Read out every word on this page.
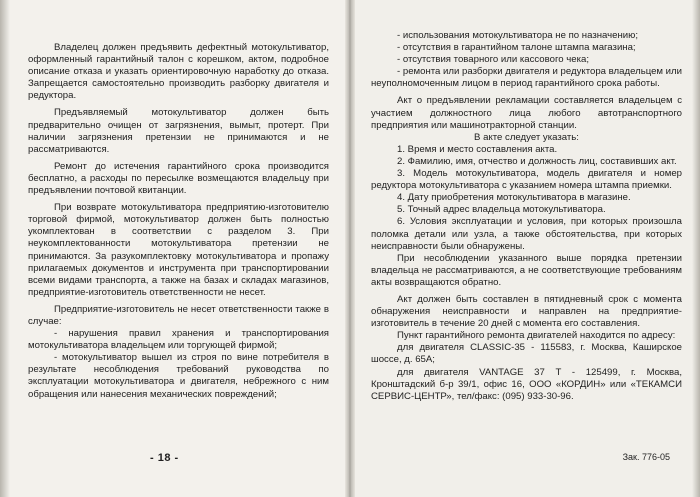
Владелец должен предъявить дефектный мотокультиватор, оформленный гарантийный талон с корешком, актом, подробное описание отказа и указать ориентировочную наработку до отказа. Запрещается самостоятельно производить разборку двигателя и редуктора.

Предъявляемый мотокультиватор должен быть предварительно очищен от загрязнения, вымыт, протерт. При наличии загрязнения претензии не принимаются и не рассматриваются.

Ремонт до истечения гарантийного срока производится бесплатно, а расходы по пересылке возмещаются владельцу при предъявлении почтовой квитанции.

При возврате мотокультиватора предприятию-изготовителю торговой фирмой, мотокультиватор должен быть полностью укомплектован в соответствии с разделом 3. При неукомплектованности мотокультиватора претензии не принимаются. За разукомплектовку мотокультиватора и пропажу прилагаемых документов и инструмента при транспортировании всеми видами транспорта, а также на базах и складах магазинов, предприятие-изготовитель ответственности не несет.

Предприятие-изготовитель не несет ответственности также в случае:

- нарушения правил хранения и транспортирования мотокультиватора владельцем или торгующей фирмой;

- мотокультиватор вышел из строя по вине потребителя в результате несоблюдения требований руководства по эксплуатации мотокультиватора и двигателя, небрежного с ним обращения или нанесения механических повреждений;

- 18 -

- использования мотокультиватора не по назначению;

- отсутствия в гарантийном талоне штампа магазина;

- отсутствия товарного или кассового чека;

- ремонта или разборки двигателя и редуктора владельцем или неуполномоченным лицом в период гарантийного срока работы.

Акт о предъявлении рекламации составляется владельцем с участием должностного лица любого автотранспортного предприятия или машинотракторной станции.

В акте следует указать:

1. Время и место составления акта.

2. Фамилию, имя, отчество и должность лиц, составивших акт.

3. Модель мотокультиватора, модель двигателя и номер редуктора мотокультиватора с указанием номера штампа приемки.

4. Дату приобретения мотокультиватора в магазине.

5. Точный адрес владельца мотокультиватора.

6. Условия эксплуатации и условия, при которых произошла поломка детали или узла, а также обстоятельства, при которых неисправности были обнаружены.

При несоблюдении указанного выше порядка претензии владельца не рассматриваются, а не соответствующие требованиям акты возвращаются обратно.

Акт должен быть составлен в пятидневный срок с момента обнаружения неисправности и направлен на предприятие-изготовитель в течение 20 дней с момента его составления.

Пункт гарантийного ремонта двигателей находится по адресу:

для двигателя CLASSIC-35 - 115583, г. Москва, Каширское шоссе, д. 65А;

для двигателя VANTAGE 37 Т - 125499, г. Москва, Кронштадский б-р 39/1, офис 16, ООО «КОРДИН» или «ТЕКАМСИ СЕРВИС-ЦЕНТР», тел/факс: (095) 933-30-96.

Зак. 776-05
